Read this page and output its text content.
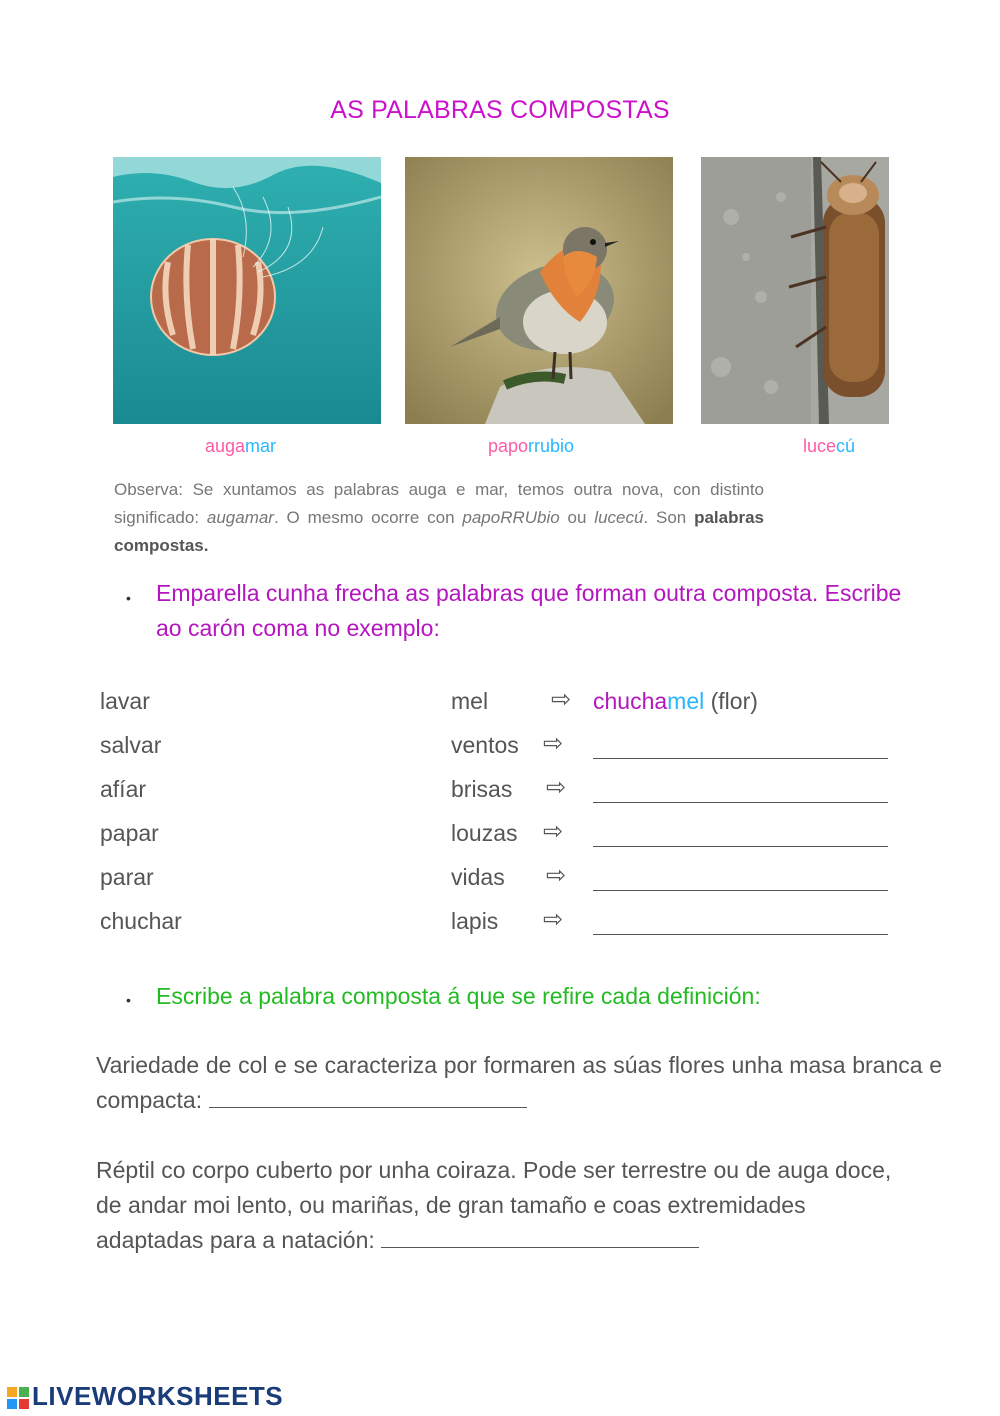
AS PALABRAS COMPOSTAS
augamar	paporrubio	lucecú
Observa: Se xuntamos as palabras auga e mar, temos outra nova, con distinto significado: augamar. O mesmo ocorre con papoRRUbio ou lucecú. Son palabras compostas.
• Emparella cunha frecha as palabras que forman outra composta. Escribe ao carón coma no exemplo:
lavar
salvar
afíar
papar
parar
chuchar
mel
ventos
brisas
louzas
vidas
lapis
⇨
⇨
⇨
⇨
⇨
⇨
chuchamel (flor)
• Escribe a palabra composta á que se refire cada definición:
Variedade de col e se caracteriza por formaren as súas flores unha masa branca e compacta:
Réptil co corpo cuberto por unha coiraza. Pode ser terrestre ou de auga doce, de andar moi lento, ou mariñas, de gran tamaño e coas extremidades adaptadas para a natación:
LIVEWORKSHEETS
